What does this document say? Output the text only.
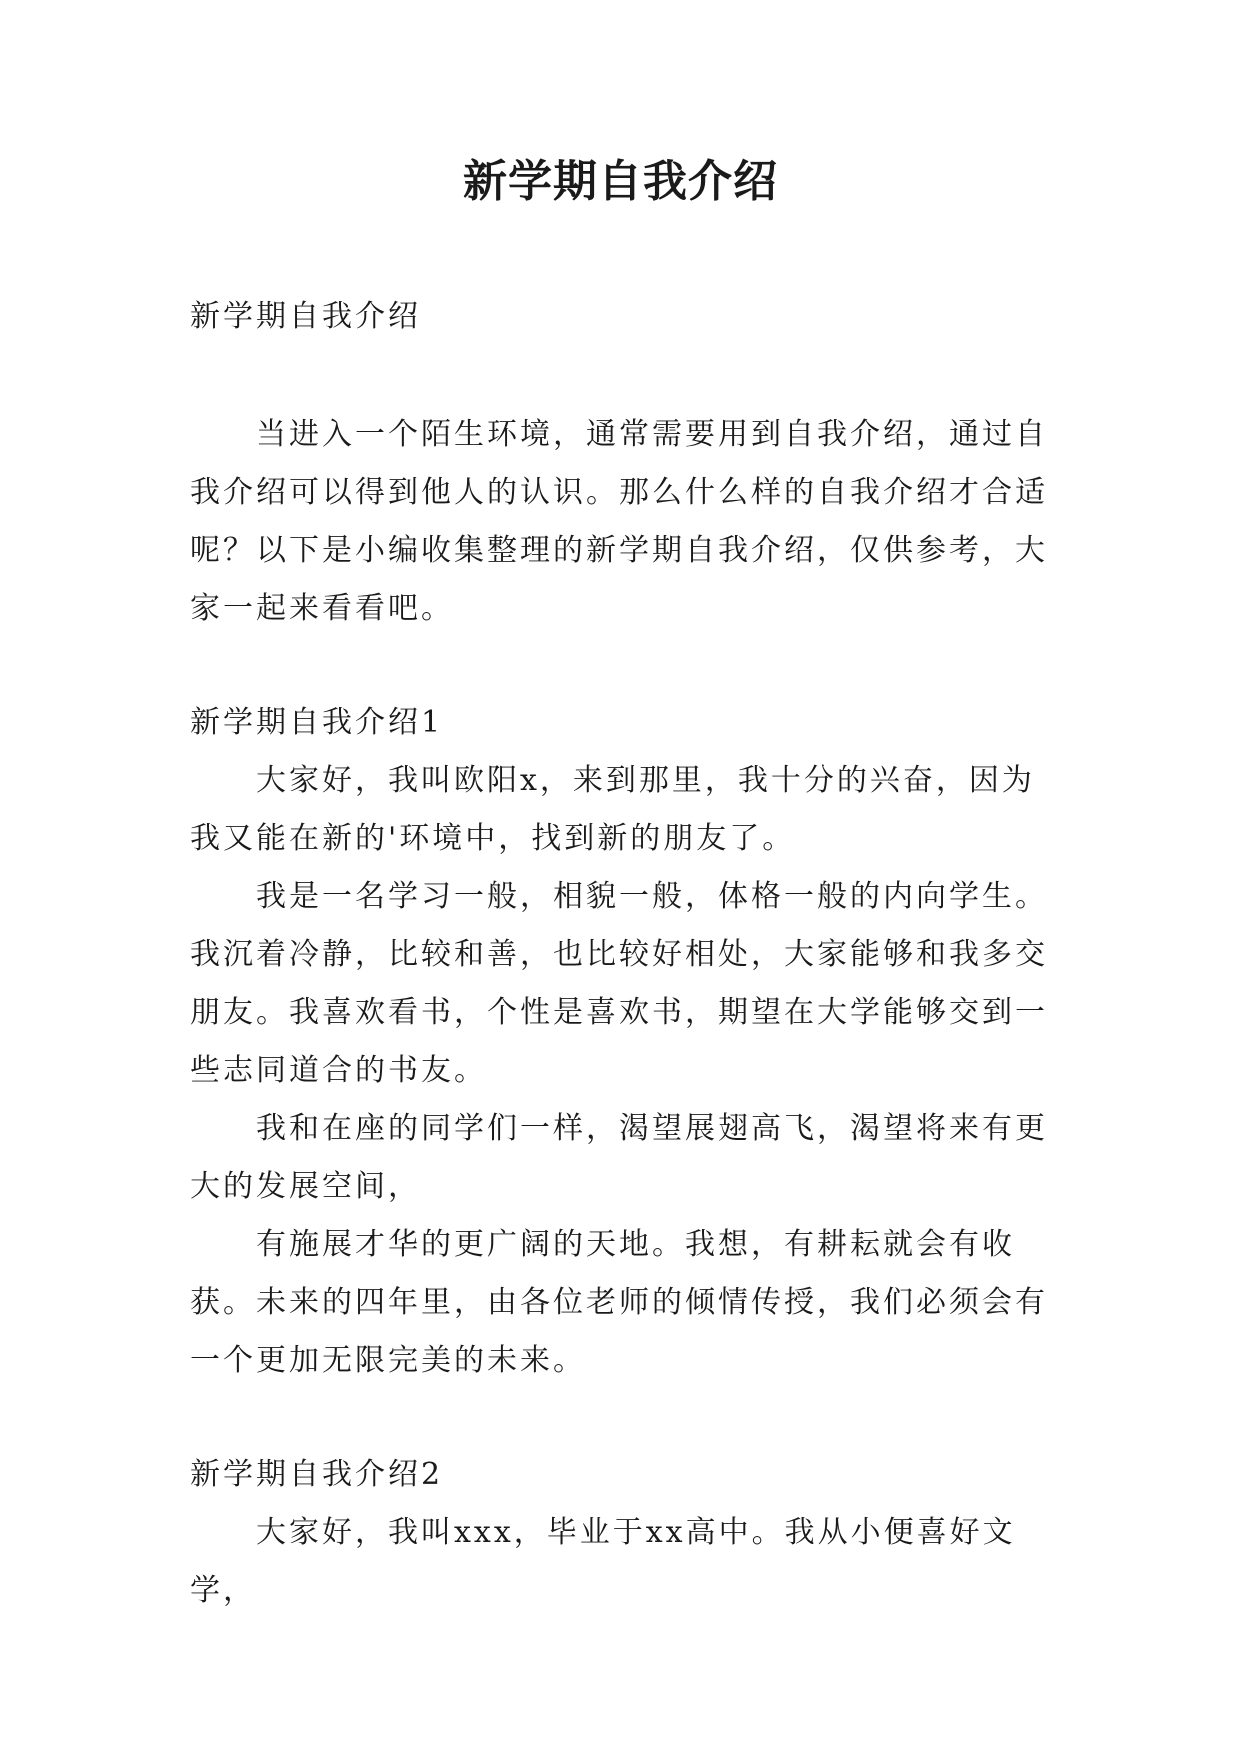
新学期自我介绍

新学期自我介绍

当进入一个陌生环境，通常需要用到自我介绍，通过自我介绍可以得到他人的认识。那么什么样的自我介绍才合适呢？以下是小编收集整理的新学期自我介绍，仅供参考，大家一起来看看吧。

新学期自我介绍1

大家好，我叫欧阳x，来到那里，我十分的兴奋，因为我又能在新的'环境中，找到新的朋友了。

我是一名学习一般，相貌一般，体格一般的内向学生。我沉着冷静，比较和善，也比较好相处，大家能够和我多交朋友。我喜欢看书，个性是喜欢书，期望在大学能够交到一些志同道合的书友。

我和在座的同学们一样，渴望展翅高飞，渴望将来有更大的发展空间，

有施展才华的更广阔的天地。我想，有耕耘就会有收获。未来的四年里，由各位老师的倾情传授，我们必须会有一个更加无限完美的未来。

新学期自我介绍2

大家好，我叫xxx，毕业于xx高中。我从小便喜好文学，
